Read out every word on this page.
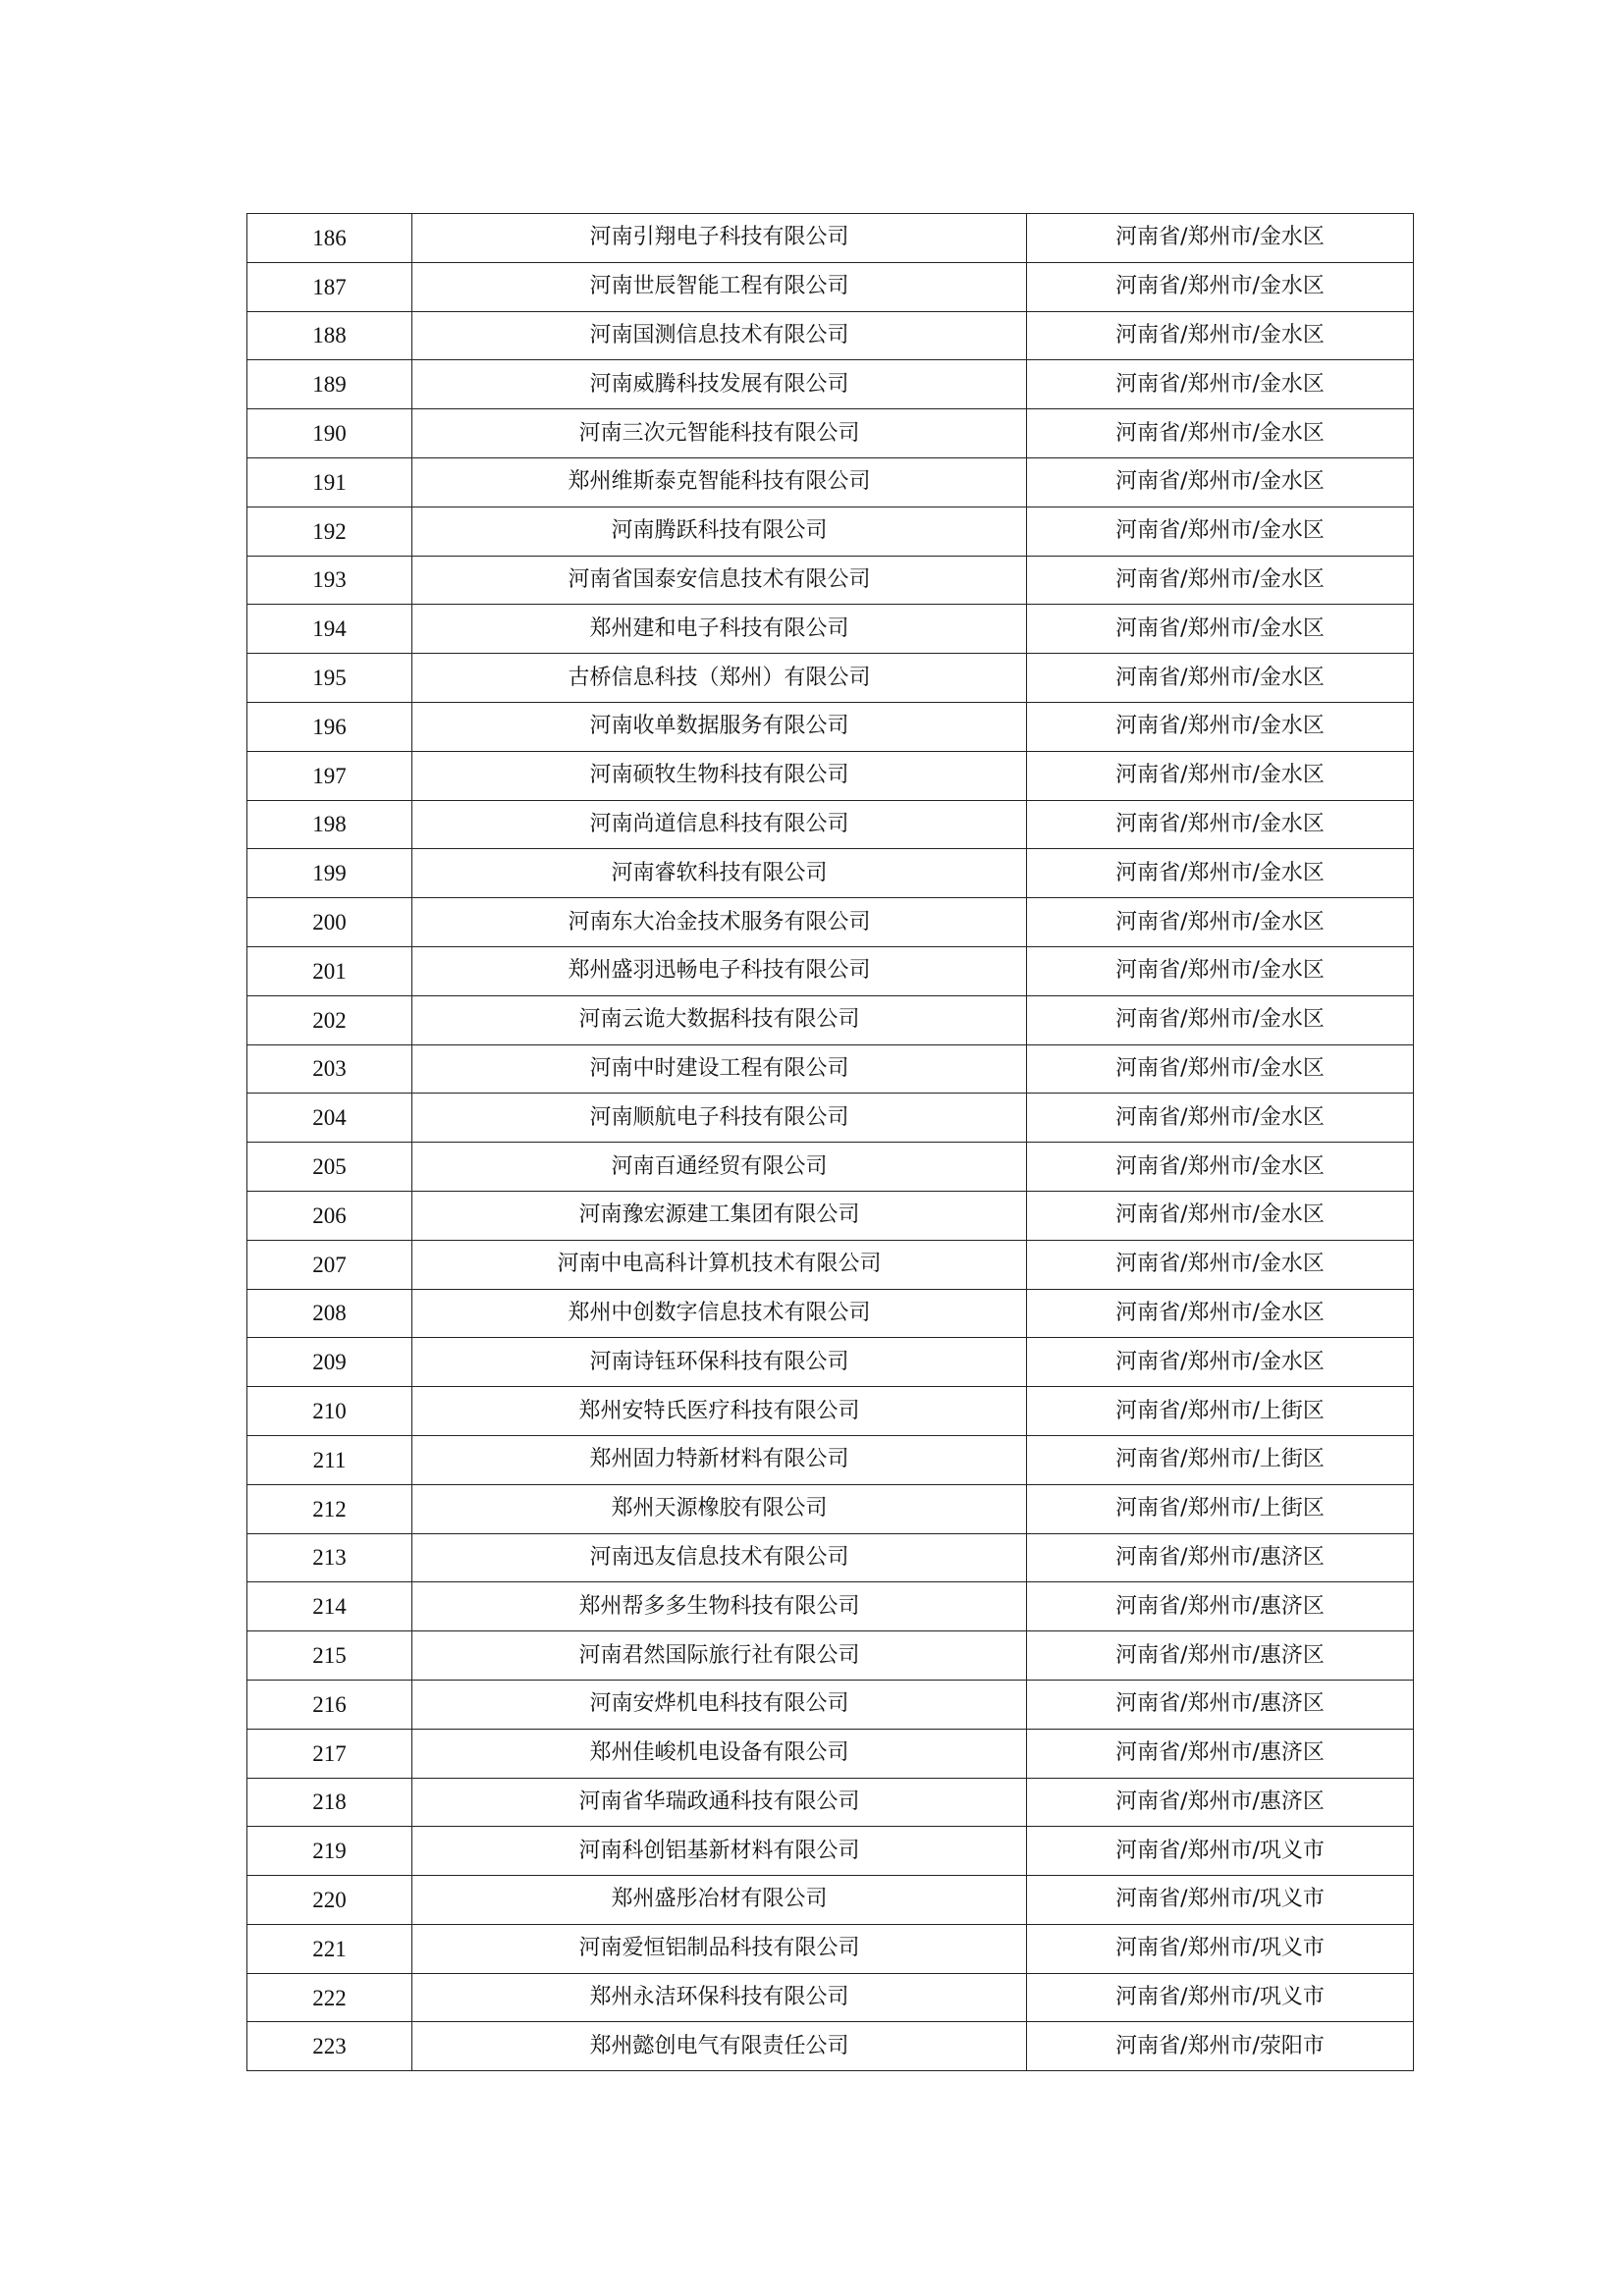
186	河南引翔电子科技有限公司	河南省/郑州市/金水区
187	河南世辰智能工程有限公司	河南省/郑州市/金水区
188	河南国测信息技术有限公司	河南省/郑州市/金水区
189	河南威腾科技发展有限公司	河南省/郑州市/金水区
190	河南三次元智能科技有限公司	河南省/郑州市/金水区
191	郑州维斯泰克智能科技有限公司	河南省/郑州市/金水区
192	河南腾跃科技有限公司	河南省/郑州市/金水区
193	河南省国泰安信息技术有限公司	河南省/郑州市/金水区
194	郑州建和电子科技有限公司	河南省/郑州市/金水区
195	古桥信息科技（郑州）有限公司	河南省/郑州市/金水区
196	河南收单数据服务有限公司	河南省/郑州市/金水区
197	河南硕牧生物科技有限公司	河南省/郑州市/金水区
198	河南尚道信息科技有限公司	河南省/郑州市/金水区
199	河南睿软科技有限公司	河南省/郑州市/金水区
200	河南东大冶金技术服务有限公司	河南省/郑州市/金水区
201	郑州盛羽迅畅电子科技有限公司	河南省/郑州市/金水区
202	河南云诡大数据科技有限公司	河南省/郑州市/金水区
203	河南中时建设工程有限公司	河南省/郑州市/金水区
204	河南顺航电子科技有限公司	河南省/郑州市/金水区
205	河南百通经贸有限公司	河南省/郑州市/金水区
206	河南豫宏源建工集团有限公司	河南省/郑州市/金水区
207	河南中电高科计算机技术有限公司	河南省/郑州市/金水区
208	郑州中创数字信息技术有限公司	河南省/郑州市/金水区
209	河南诗钰环保科技有限公司	河南省/郑州市/金水区
210	郑州安特氏医疗科技有限公司	河南省/郑州市/上街区
211	郑州固力特新材料有限公司	河南省/郑州市/上街区
212	郑州天源橡胶有限公司	河南省/郑州市/上街区
213	河南迅友信息技术有限公司	河南省/郑州市/惠济区
214	郑州帮多多生物科技有限公司	河南省/郑州市/惠济区
215	河南君然国际旅行社有限公司	河南省/郑州市/惠济区
216	河南安烨机电科技有限公司	河南省/郑州市/惠济区
217	郑州佳峻机电设备有限公司	河南省/郑州市/惠济区
218	河南省华瑞政通科技有限公司	河南省/郑州市/惠济区
219	河南科创铝基新材料有限公司	河南省/郑州市/巩义市
220	郑州盛彤冶材有限公司	河南省/郑州市/巩义市
221	河南爱恒铝制品科技有限公司	河南省/郑州市/巩义市
222	郑州永洁环保科技有限公司	河南省/郑州市/巩义市
223	郑州懿创电气有限责任公司	河南省/郑州市/荥阳市
